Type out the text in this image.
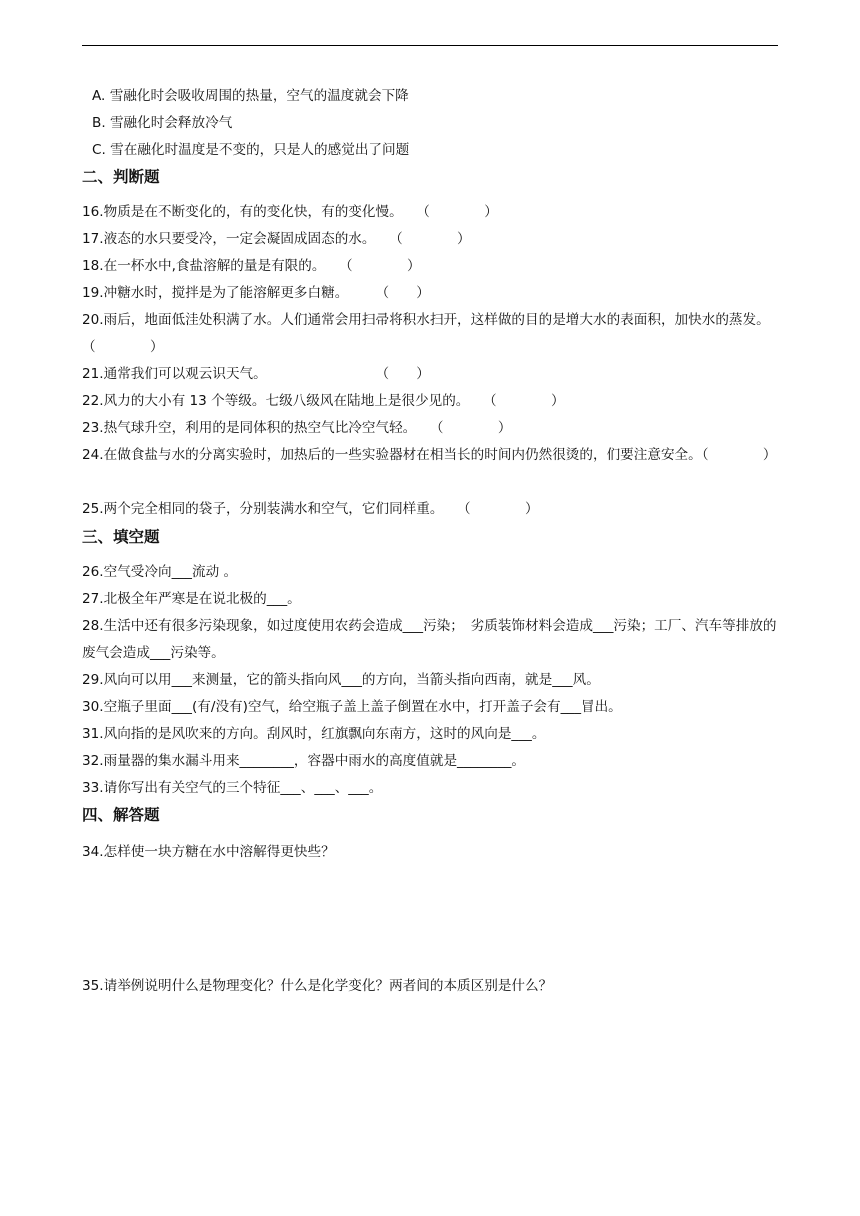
A. 雪融化时会吸收周围的热量，空气的温度就会下降
B. 雪融化时会释放冷气
C. 雪在融化时温度是不变的，只是人的感觉出了问题
二、判断题
16.物质是在不断变化的，有的变化快，有的变化慢。　　（　　　　）
17.液态的水只要受冷，一定会凝固成固态的水。　　（　　　　）
18.在一杯水中,食盐溶解的量是有限的。　　（　　　　）
19.冲糖水时，搅拌是为了能溶解更多白糖。　　　（　　）
20.雨后，地面低洼处积满了水。人们通常会用扫帚将积水扫开，这样做的目的是增大水的表面积，加快水的蒸发。　　（　　　　）
21.通常我们可以观云识天气。　　　　　　　　　（　　）
22.风力的大小有 13 个等级。七级八级风在陆地上是很少见的。　　（　　　　）
23.热气球升空，利用的是同体积的热空气比冷空气轻。　　（　　　　）
24.在做食盐与水的分离实验时，加热后的一些实验器材在相当长的时间内仍然很烫的，们要注意安全。（　　　　）
25.两个完全相同的袋子，分别装满水和空气，它们同样重。　　（　　　　）
三、填空题
26.空气受冷向___流动 。
27.北极全年严寒是在说北极的___。
28.生活中还有很多污染现象，如过度使用农药会造成___污染；　劣质装饰材料会造成___污染；工厂、汽车等排放的废气会造成___污染等。
29.风向可以用___来测量，它的箭头指向风___的方向，当箭头指向西南，就是___风。
30.空瓶子里面___(有/没有)空气，给空瓶子盖上盖子倒置在水中，打开盖子会有___冒出。
31.风向指的是风吹来的方向。刮风时，红旗飘向东南方，这时的风向是___。
32.雨量器的集水漏斗用来________，容器中雨水的高度值就是________。
33.请你写出有关空气的三个特征___、___、___。
四、解答题
34.怎样使一块方糖在水中溶解得更快些？
35.请举例说明什么是物理变化？什么是化学变化？两者间的本质区别是什么？
